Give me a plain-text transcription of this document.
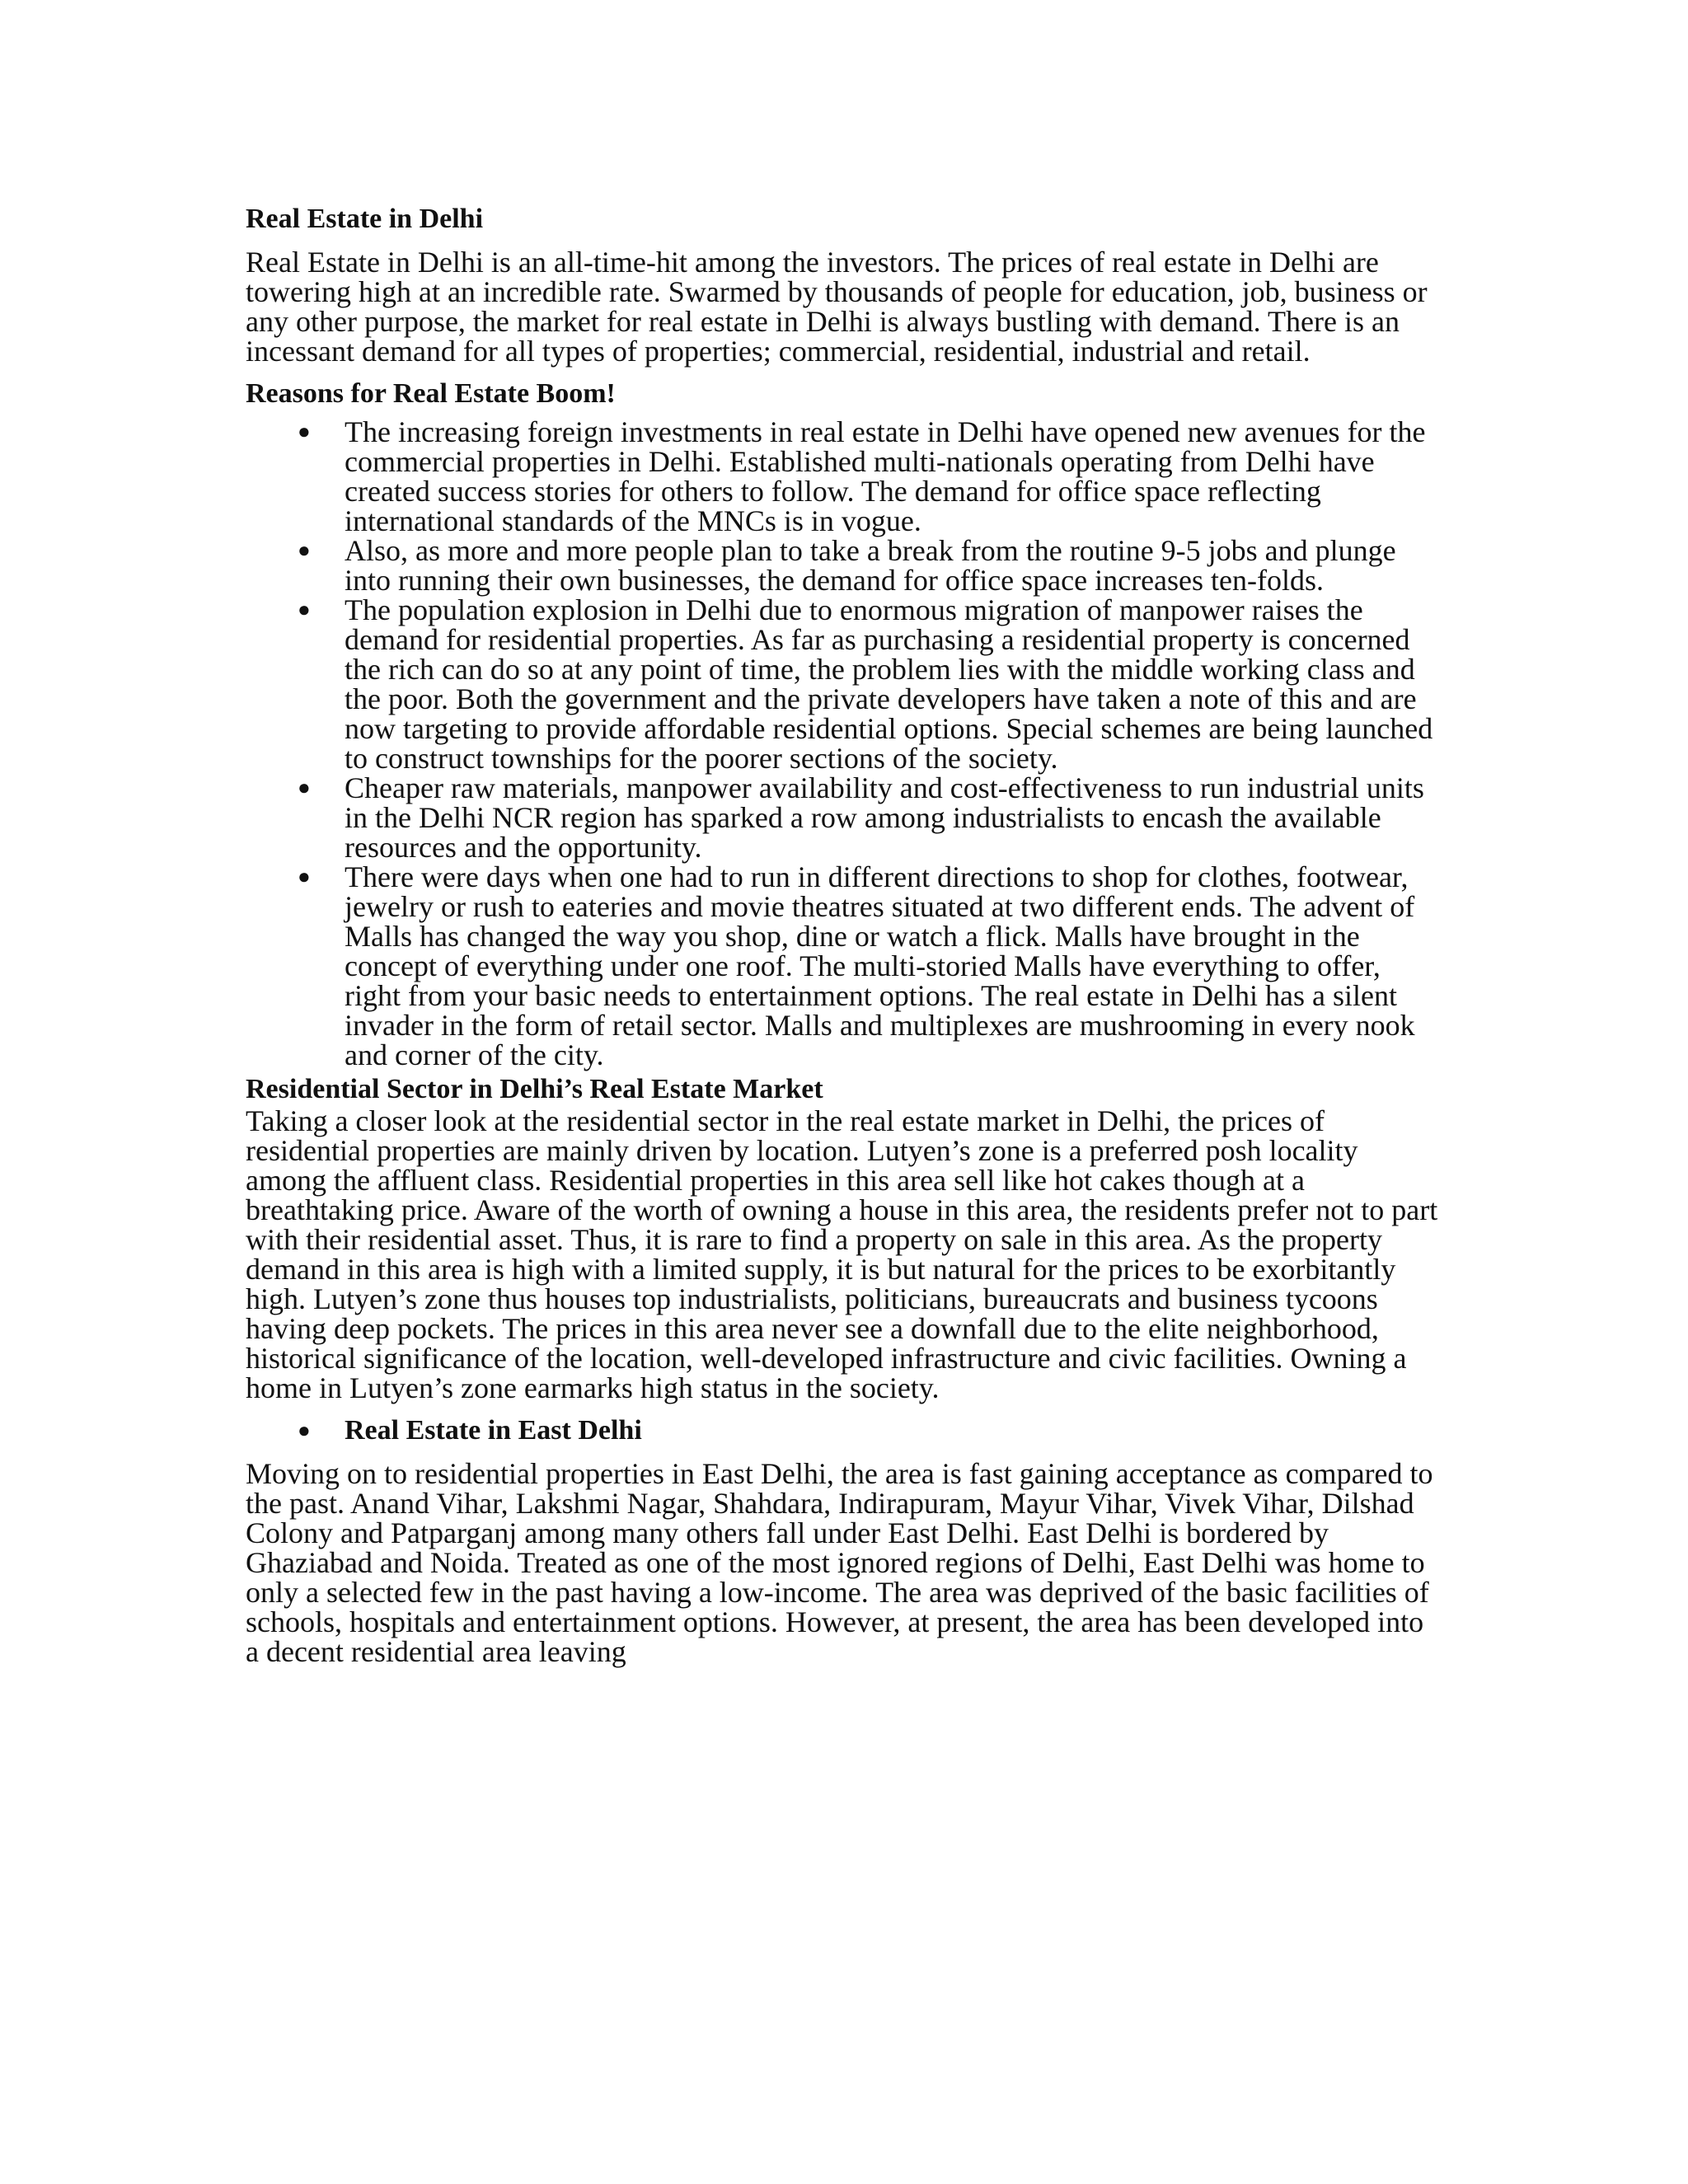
Real Estate in Delhi

Real Estate in Delhi is an all-time-hit among the investors. The prices of real estate in Delhi are towering high at an incredible rate. Swarmed by thousands of people for education, job, business or any other purpose, the market for real estate in Delhi is always bustling with demand. There is an incessant demand for all types of properties; commercial, residential, industrial and retail.

Reasons for Real Estate Boom!
● The increasing foreign investments in real estate in Delhi have opened new avenues for the commercial properties in Delhi. Established multi-nationals operating from Delhi have created success stories for others to follow. The demand for office space reflecting international standards of the MNCs is in vogue.
● Also, as more and more people plan to take a break from the routine 9-5 jobs and plunge into running their own businesses, the demand for office space increases ten-folds.
● The population explosion in Delhi due to enormous migration of manpower raises the demand for residential properties. As far as purchasing a residential property is concerned the rich can do so at any point of time, the problem lies with the middle working class and the poor. Both the government and the private developers have taken a note of this and are now targeting to provide affordable residential options. Special schemes are being launched to construct townships for the poorer sections of the society.
● Cheaper raw materials, manpower availability and cost-effectiveness to run industrial units in the Delhi NCR region has sparked a row among industrialists to encash the available resources and the opportunity.
● There were days when one had to run in different directions to shop for clothes, footwear, jewelry or rush to eateries and movie theatres situated at two different ends. The advent of Malls has changed the way you shop, dine or watch a flick. Malls have brought in the concept of everything under one roof. The multi-storied Malls have everything to offer, right from your basic needs to entertainment options. The real estate in Delhi has a silent invader in the form of retail sector. Malls and multiplexes are mushrooming in every nook and corner of the city.
Residential Sector in Delhi’s Real Estate Market

Taking a closer look at the residential sector in the real estate market in Delhi, the prices of residential properties are mainly driven by location. Lutyen’s zone is a preferred posh locality among the affluent class. Residential properties in this area sell like hot cakes though at a breathtaking price. Aware of the worth of owning a house in this area, the residents prefer not to part with their residential asset. Thus, it is rare to find a property on sale in this area. As the property demand in this area is high with a limited supply, it is but natural for the prices to be exorbitantly high. Lutyen’s zone thus houses top industrialists, politicians, bureaucrats and business tycoons having deep pockets. The prices in this area never see a downfall due to the elite neighborhood, historical significance of the location, well-developed infrastructure and civic facilities. Owning a home in Lutyen’s zone earmarks high status in the society.

● Real Estate in East Delhi

Moving on to residential properties in East Delhi, the area is fast gaining acceptance as compared to the past. Anand Vihar, Lakshmi Nagar, Shahdara, Indirapuram, Mayur Vihar, Vivek Vihar, Dilshad Colony and Patparganj among many others fall under East Delhi. East Delhi is bordered by Ghaziabad and Noida. Treated as one of the most ignored regions of Delhi, East Delhi was home to only a selected few in the past having a low-income. The area was deprived of the basic facilities of schools, hospitals and entertainment options. However, at present, the area has been developed into a decent residential area leaving
